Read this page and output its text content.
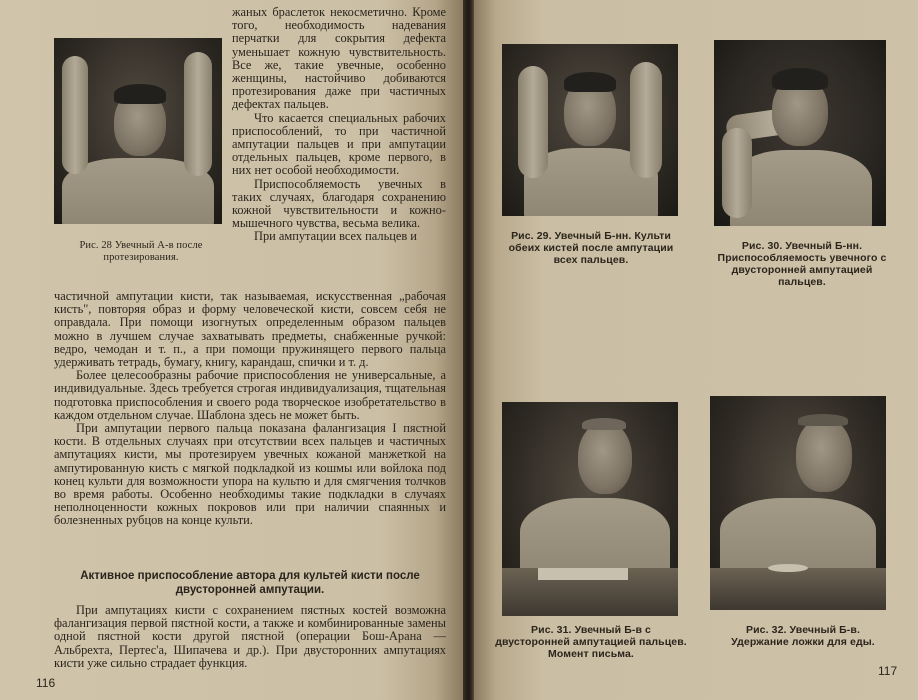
Рис. 28 Увечный А-в после протезирования.

жаных браслеток некосметично. Кроме того, необходимость надевания перчатки для сокрытия дефекта уменьшает кожную чувствительность. Все же, такие увечные, особенно женщины, настойчиво добиваются протезирования даже при частичных дефектах пальцев.

Что касается специальных рабочих приспособлений, то при частичной ампутации пальцев и при ампутации отдельных пальцев, кроме первого, в них нет особой необходимости.

Приспособляемость увечных в таких случаях, благодаря сохранению кожной чувствительности и кожно-мышечного чувства, весьма велика.

При ампутации всех пальцев и

частичной ампутации кисти, так называемая, искусственная „рабочая кисть", повторяя образ и форму человеческой кисти, совсем себя не оправдала. При помощи изогнутых определенным образом пальцев можно в лучшем случае захватывать предметы, снабженные ручкой: ведро, чемодан и т. п., а при помощи пружинящего первого пальца удерживать тетрадь, бумагу, книгу, карандаш, спички и т. д.

Более целесообразны рабочие приспособления не универсальные, а индивидуальные. Здесь требуется строгая индивидуализация, тщательная подготовка приспособления и своего рода творческое изобретательство в каждом отдельном случае. Шаблона здесь не может быть.

При ампутации первого пальца показана фалангизация I пястной кости. В отдельных случаях при отсутствии всех пальцев и частичных ампутациях кисти, мы протезируем увечных кожаной манжеткой на ампутированную кисть с мягкой подкладкой из кошмы или войлока под конец культи для возможности упора на культю и для смягчения толчков во время работы. Особенно необходимы такие подкладки в случаях неполноценности кожных покровов или при наличии спаянных и болезненных рубцов на конце культи.

Активное приспособление автора для культей кисти после двусторонней ампутации.

При ампутациях кисти с сохранением пястных костей возможна фалангизация первой пястной кости, а также и комбинированные замены одной пястной кости другой пястной (операции Бош-Арана — Альбрехта, Пертес'а, Шипачева и др.). При двусторонних ампутациях кисти уже сильно страдает функция.

116
Рис. 29. Увечный Б-нн. Культи обеих кистей после ампутации всех пальцев.
Рис. 30. Увечный Б-нн. Приспособляемость увечного с двусторонней ампутацией пальцев.
Рис. 31. Увечный Б-в с двусторонней ампутацией пальцев. Момент письма.
Рис. 32. Увечный Б-в. Удержание ложки для еды.
117
